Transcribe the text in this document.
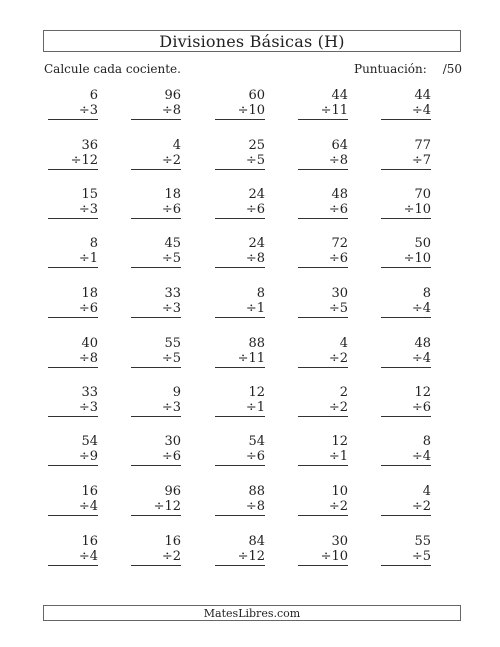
Divisiones Básicas (H)
Calcule cada cociente.	Puntuación: /50
6
÷3
96
÷8
60
÷10
44
÷11
44
÷4
36
÷12
4
÷2
25
÷5
64
÷8
77
÷7
15
÷3
18
÷6
24
÷6
48
÷6
70
÷10
8
÷1
45
÷5
24
÷8
72
÷6
50
÷10
18
÷6
33
÷3
8
÷1
30
÷5
8
÷4
40
÷8
55
÷5
88
÷11
4
÷2
48
÷4
33
÷3
9
÷3
12
÷1
2
÷2
12
÷6
54
÷9
30
÷6
54
÷6
12
÷1
8
÷4
16
÷4
96
÷12
88
÷8
10
÷2
4
÷2
16
÷4
16
÷2
84
÷12
30
÷10
55
÷5
MatesLibres.com
